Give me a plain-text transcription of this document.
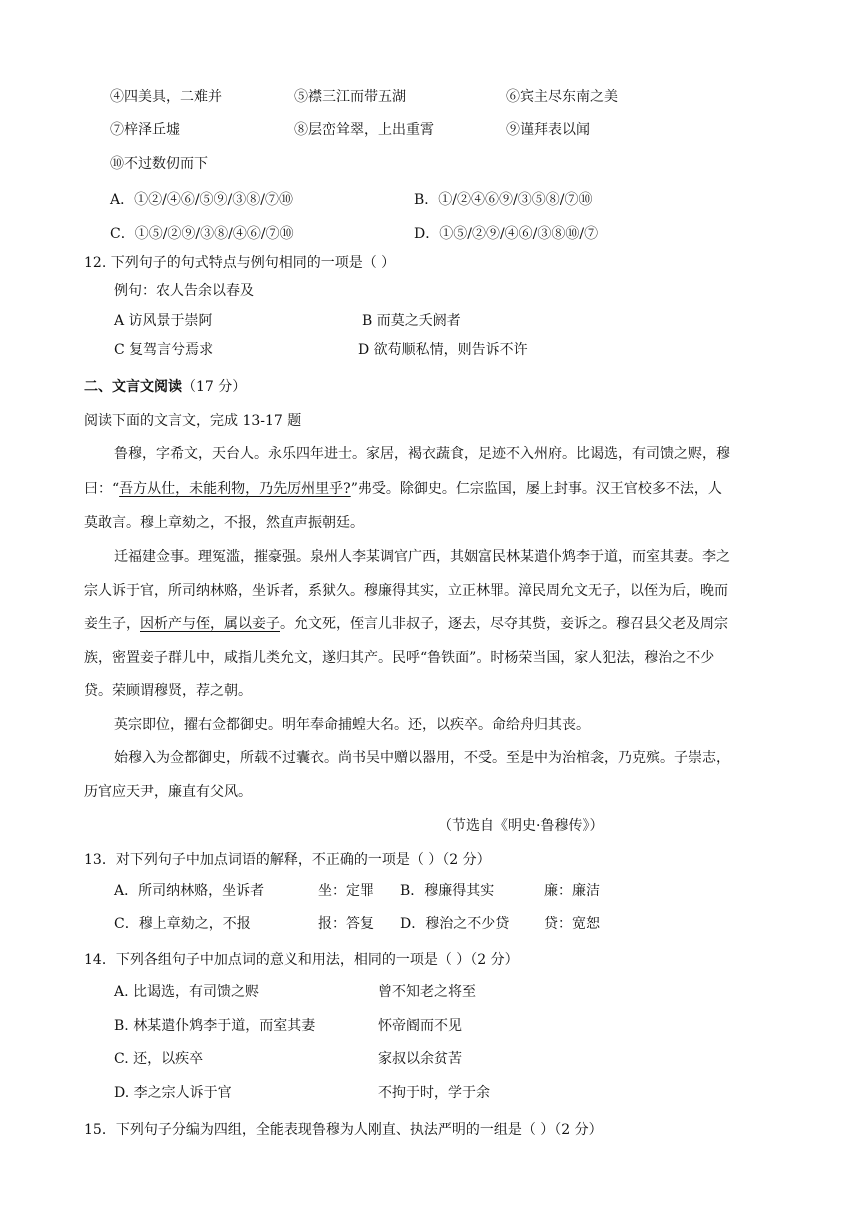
④四美具，二难并	⑤襟三江而带五湖	⑥宾主尽东南之美
⑦梓泽丘墟	⑧层峦耸翠，上出重霄	⑨谨拜表以闻
⑩不过数仞而下
A．①②/④⑥/⑤⑨/③⑧/⑦⑩	B．①/②④⑥⑨/③⑤⑧/⑦⑩
C．①⑤/②⑨/③⑧/④⑥/⑦⑩	D．①⑤/②⑨/④⑥/③⑧⑩/⑦
12. 下列句子的句式特点与例句相同的一项是（ ）
例句：农人告余以春及
A 访风景于崇阿	B 而莫之夭阏者
C 复驾言兮焉求	D 欲苟顺私情，则告诉不许
二、文言文阅读（17 分）
阅读下面的文言文，完成 13-17 题
鲁穆，字希文，天台人。永乐四年进士。家居，褐衣蔬食，足迹不入州府。比谒选，有司馈之赆，穆
曰：“吾方从仕，未能利物，乃先厉州里乎?”弗受。除御史。仁宗监国，屡上封事。汉王官校多不法，人
莫敢言。穆上章劾之，不报，然直声振朝廷。
迁福建佥事。理冤滥，摧豪强。泉州人李某调官广西，其姻富民林某遣仆鸩李于道，而室其妻。李之
宗人诉于官，所司纳林赂，坐诉者，系狱久。穆廉得其实，立正林罪。漳民周允文无子，以侄为后，晚而
妾生子，因析产与侄，属以妾子。允文死，侄言儿非叔子，逐去，尽夺其赀，妾诉之。穆召县父老及周宗
族，密置妾子群儿中，咸指儿类允文，遂归其产。民呼“鲁铁面”。时杨荣当国，家人犯法，穆治之不少
贷。荣顾谓穆贤，荐之朝。
英宗即位，擢右佥都御史。明年奉命捕蝗大名。还，以疾卒。命给舟归其丧。
始穆入为佥都御史，所载不过囊衣。尚书吴中赠以器用，不受。至是中为治棺衾，乃克殡。子崇志，
历官应天尹，廉直有父风。
（节选自《明史·鲁穆传》）
13．对下列句子中加点词语的解释，不正确的一项是（ ）（2 分）
A．所司纳林赂，坐诉者	坐：定罪 B．穆廉得其实	廉：廉洁
C．穆上章劾之，不报	报：答复 D．穆治之不少贷 贷：宽恕
14．下列各组句子中加点词的意义和用法，相同的一项是（ ）（2 分）
A. 比谒选，有司馈之赆	曾不知老之将至
B. 林某遣仆鸩李于道，而室其妻	怀帝阍而不见
C. 还，以疾卒	家叔以余贫苦
D. 李之宗人诉于官	不拘于时，学于余
15．下列句子分编为四组，全能表现鲁穆为人刚直、执法严明的一组是（ ）（2 分）
